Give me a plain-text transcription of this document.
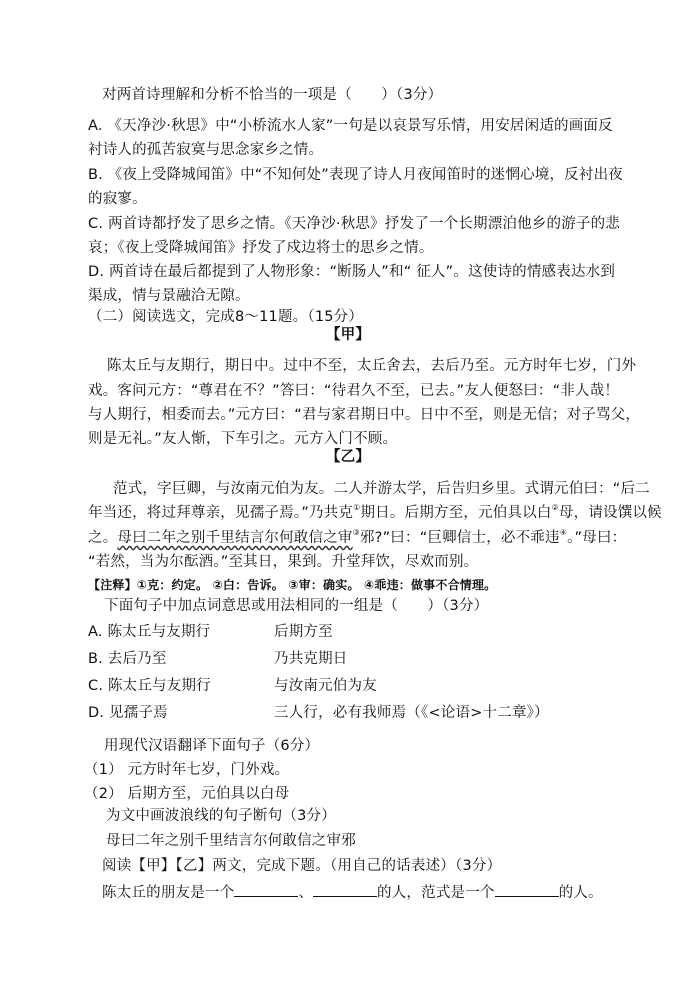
对两首诗理解和分析不恰当的一项是（　　）（3分）
A. 《天净沙·秋思》中“小桥流水人家”一句是以哀景写乐情，用安居闲适的画面反
衬诗人的孤苦寂寞与思念家乡之情。
B. 《夜上受降城闻笛》中“不知何处”表现了诗人月夜闻笛时的迷惘心境，反衬出夜
的寂寥。
C. 两首诗都抒发了思乡之情。《天净沙·秋思》抒发了一个长期漂泊他乡的游子的悲
哀；《夜上受降城闻笛》抒发了戍边将士的思乡之情。
D. 两首诗在最后都提到了人物形象：“断肠人”和“ 征人”。这使诗的情感表达水到
渠成，情与景融洽无隙。
（二）阅读选文，完成8～11题。（15分）
【甲】
陈太丘与友期行，期日中。过中不至，太丘舍去，去后乃至。元方时年七岁，门外
戏。客问元方：“尊君在不？”答曰：“待君久不至，已去。”友人便怒曰：“非人哉！
与人期行，相委而去。”元方曰：“君与家君期日中。日中不至，则是无信；对子骂父，
则是无礼。”友人惭，下车引之。元方入门不顾。
【乙】
范式，字巨卿，与汝南元伯为友。二人并游太学，后告归乡里。式谓元伯曰：“后二
年当还，将过拜尊亲，见孺子焉。”乃共克①期日。后期方至，元伯具以白②母，请设馔以候
之。母曰二年之别千里结言尔何敢信之审③邪?”曰：“巨卿信士，必不乖违④。”母曰：
“若然，当为尔酝酒。”至其日，果到。升堂拜饮，尽欢而别。
【注释】①克：约定。 ②白：告诉。 ③审：确实。 ④乖违：做事不合情理。
下面句子中加点词意思或用法相同的一组是（　　）（3分）
A. 陈太丘与友期行	后期方至
B. 去后乃至	乃共克期日
C. 陈太丘与友期行	与汝南元伯为友
D. 见孺子焉	三人行，必有我师焉（《<论语>十二章》）
用现代汉语翻译下面句子（6分）
（1） 元方时年七岁，门外戏。
（2） 后期方至，元伯具以白母
为文中画波浪线的句子断句（3分）
母曰二年之别千里结言尔何敢信之审邪
阅读【甲】【乙】两文，完成下题。（用自己的话表述）（3分）
陈太丘的朋友是一个	、	的人，范式是一个	的人。
